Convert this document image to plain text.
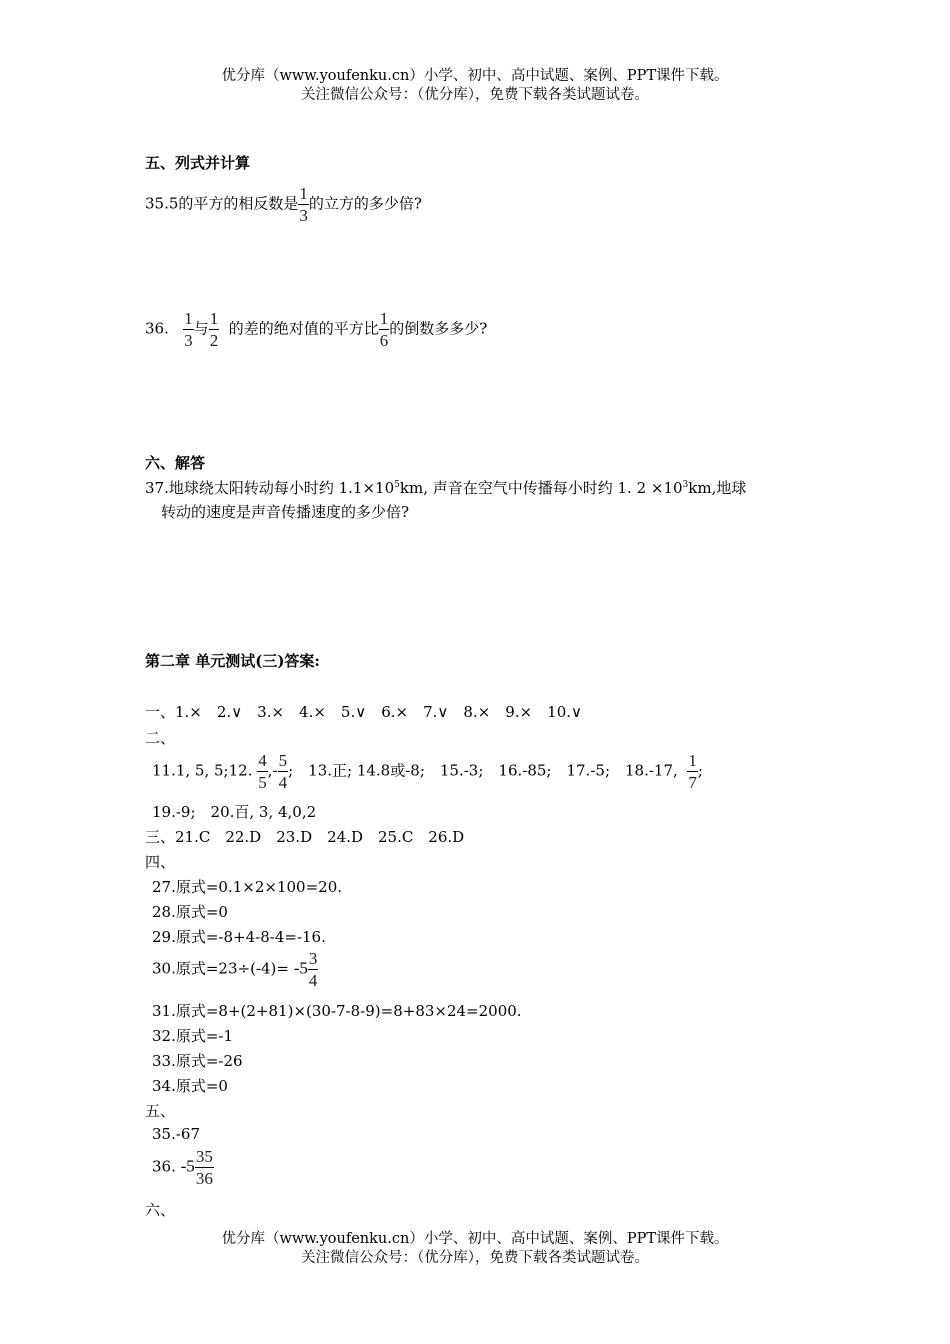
优分库（www.youfenku.cn）小学、初中、高中试题、案例、PPT课件下载。
关注微信公众号：（优分库），免费下载各类试题试卷。
五、列式并计算
35.5的平方的相反数是 $\frac{1}{3}$ 的立方的多少倍?
36. $\frac{1}{3}$ 与 $\frac{1}{2}$ 的差的绝对值的平方比 $\frac{1}{6}$ 的倒数多多少?
六、解答
37.地球绕太阳转动每小时约 $1.1\times 10^5km$, 声音在空气中传播每小时约 1. $2 \times 10^3km$,地球
转动的速度是声音传播速度的多少倍?
第二章 单元测试(三)答案:
一、1.×　2.∨　3.×　4.×　5.∨　6.×　7.∨　8.×　9.×　10.∨
二、
11.1, 5, 5;12. $\frac{4}{5}$ ,- $\frac{5}{4}$ ;　13.正; 14.8或-8;　15.-3;　16.-85;　17.-5;　18.-17, $\frac{1}{7}$ ;
19.-9;　20.百, 3, 4,0,2
三、21.C　22.D　23.D　24.D　25.C　26.D
四、
27.原式=0.1×2×100=20.
28.原式=0
29.原式=-8+4-8-4=-16.
30.原式$=23\div(-4)= -5 \frac{3}{4}$
31.原式=8+(2+81)×(30-7-8-9)=8+83×24=2000.
32.原式=-1
33.原式=-26
34.原式=0
五、
35.-67
36. $-5 \frac{35}{36}$
六、
优分库（www.youfenku.cn）小学、初中、高中试题、案例、PPT课件下载。
关注微信公众号：（优分库），免费下载各类试题试卷。
